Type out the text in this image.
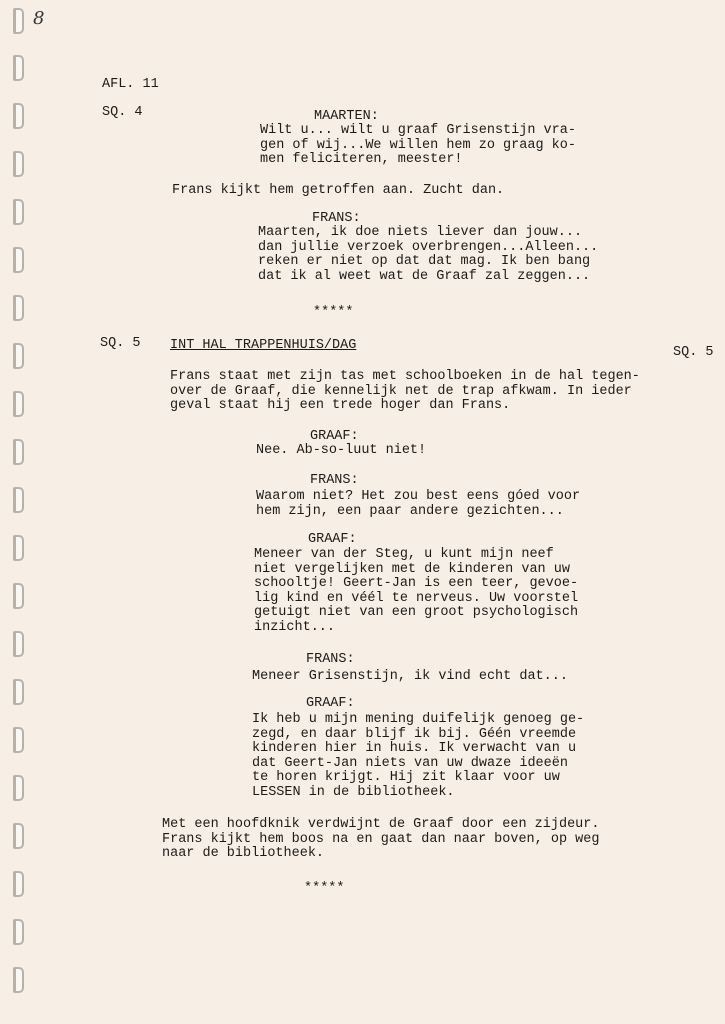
8
AFL. 11
SQ. 4	MAARTEN:
Wilt u... wilt u graaf Grisenstijn vra-
gen of wij...We willen hem zo graag ko-
men feliciteren, meester!
Frans kijkt hem getroffen aan. Zucht dan.
FRANS:
Maarten, ik doe niets liever dan jouw...
dan jullie verzoek overbrengen...Alleen...
reken er niet op dat dat mag. Ik ben bang
dat ik al weet wat de Graaf zal zeggen...
*****
SQ. 5 INT HAL TRAPPENHUIS/DAG	SQ. 5
Frans staat met zijn tas met schoolboeken in de hal tegen-
over de Graaf, die kennelijk net de trap afkwam. In ieder
geval staat hij een trede hoger dan Frans.
GRAAF:
Nee. Ab-so-luut niet!
FRANS:
Waarom niet? Het zou best eens góed voor
hem zijn, een paar andere gezichten...
GRAAF:
Meneer van der Steg, u kunt mijn neef
niet vergelijken met de kinderen van uw
schooltje! Geert-Jan is een teer, gevoe-
lig kind en véél te nerveus. Uw voorstel
getuigt niet van een groot psychologisch
inzicht...
FRANS:
Meneer Grisenstijn, ik vind echt dat...
GRAAF:
Ik heb u mijn mening duifelijk genoeg ge-
zegd, en daar blijf ik bij. Géén vreemde
kinderen hier in huis. Ik verwacht van u
dat Geert-Jan niets van uw dwaze ideeën
te horen krijgt. Hij zit klaar voor uw
LESSEN in de bibliotheek.
Met een hoofdknik verdwijnt de Graaf door een zijdeur.
Frans kijkt hem boos na en gaat dan naar boven, op weg
naar de bibliotheek.
*****
